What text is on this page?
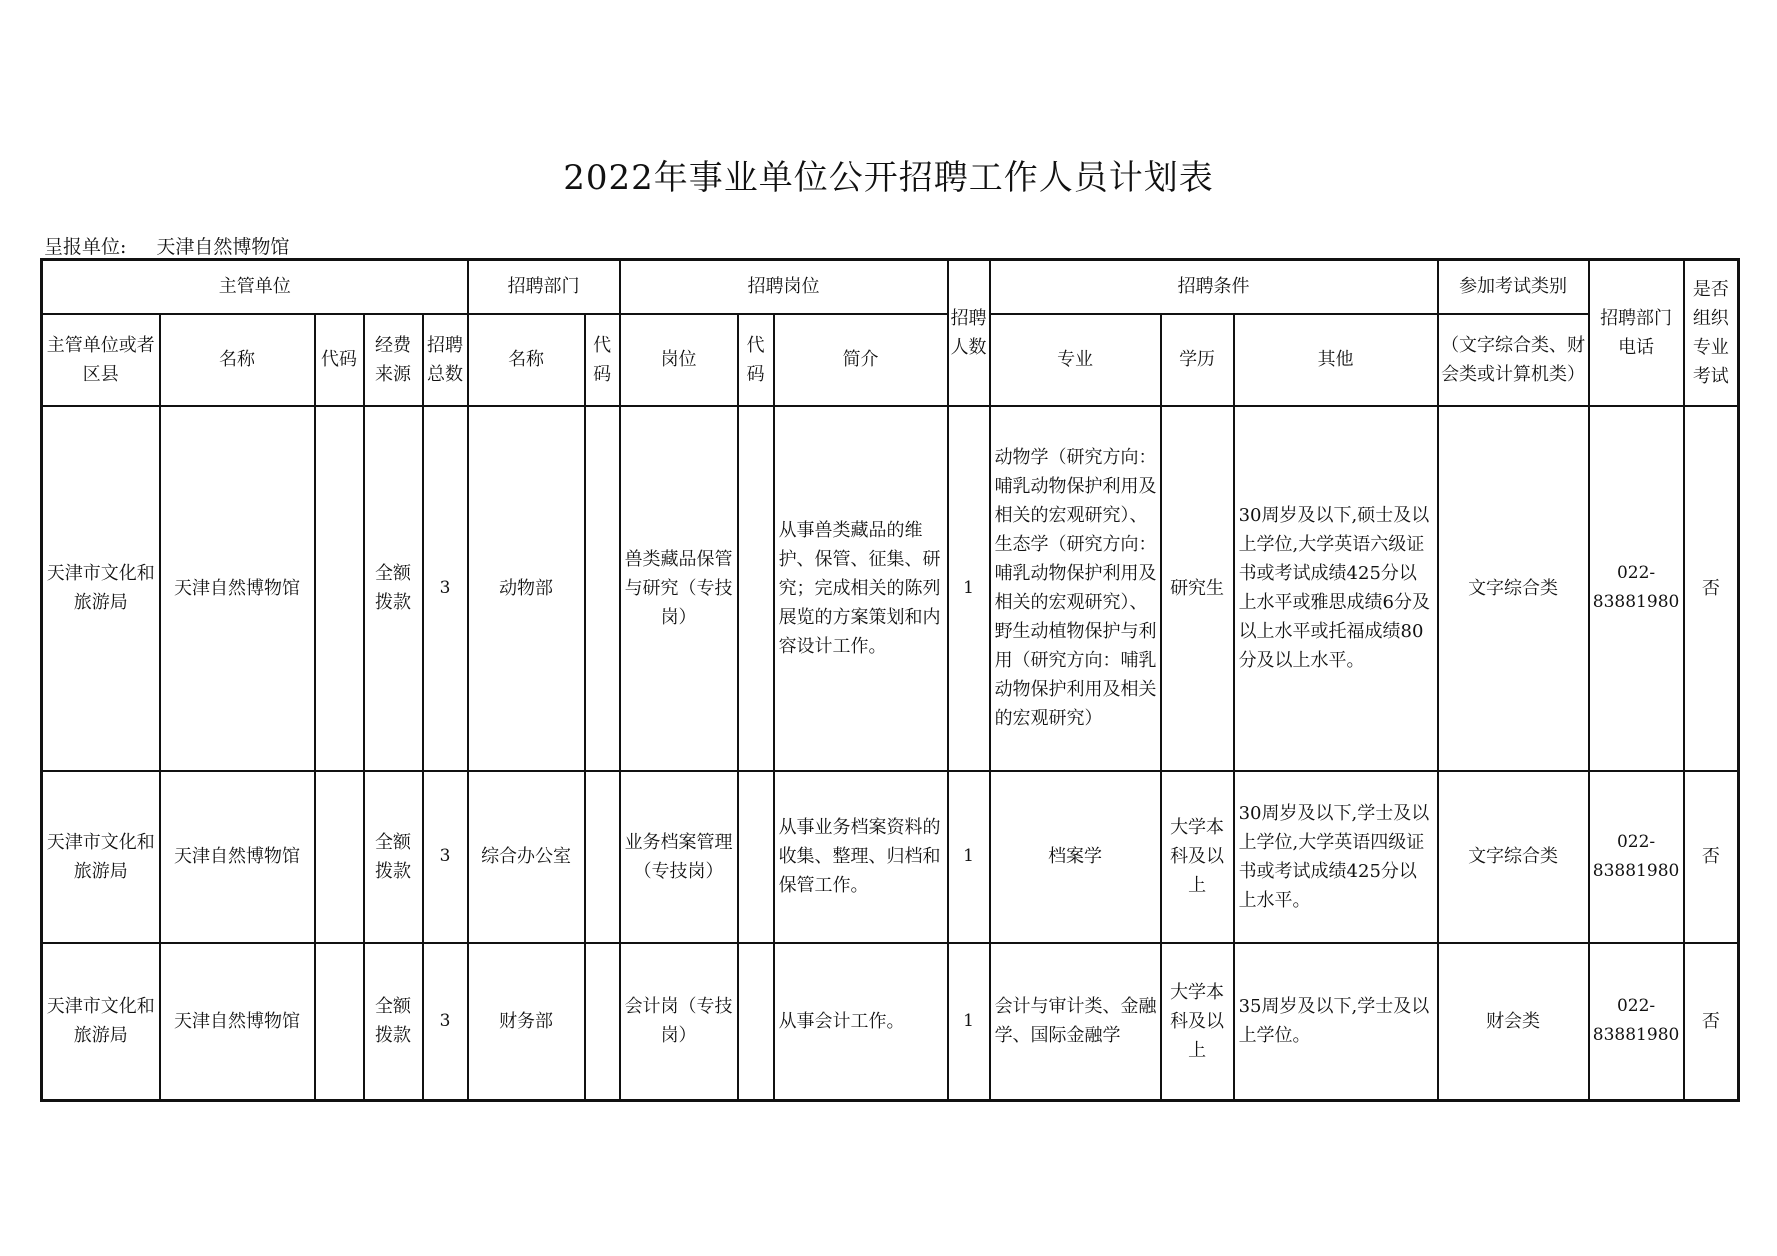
2022年事业单位公开招聘工作人员计划表
呈报单位: 天津自然博物馆
主管单位					招聘部门		招聘岗位			招聘人数	招聘条件			参加考试类别	招聘部门电话	是否组织专业考试
主管单位或者区县	名称	代码	经费来源	招聘总数	名称	代码	岗位	代码	简介		专业	学历	其他	（文字综合类、财会类或计算机类）		
天津市文化和旅游局	天津自然博物馆		全额拨款	3	动物部		兽类藏品保管与研究（专技岗）		从事兽类藏品的维护、保管、征集、研究；完成相关的陈列展览的方案策划和内容设计工作。	1	动物学（研究方向：哺乳动物保护利用及相关的宏观研究）、生态学（研究方向：哺乳动物保护利用及相关的宏观研究）、野生动植物保护与利用（研究方向：哺乳动物保护利用及相关的宏观研究）	研究生	30周岁及以下,硕士及以上学位,大学英语六级证书或考试成绩425分以上水平或雅思成绩6分及以上水平或托福成绩80分及以上水平。	文字综合类	022-83881980	否
天津市文化和旅游局	天津自然博物馆		全额拨款	3	综合办公室		业务档案管理（专技岗）		从事业务档案资料的收集、整理、归档和保管工作。	1	档案学	大学本科及以上	30周岁及以下,学士及以上学位,大学英语四级证书或考试成绩425分以上水平。	文字综合类	022-83881980	否
天津市文化和旅游局	天津自然博物馆		全额拨款	3	财务部		会计岗（专技岗）		从事会计工作。	1	会计与审计类、金融学、国际金融学	大学本科及以上	35周岁及以下,学士及以上学位。	财会类	022-83881980	否
